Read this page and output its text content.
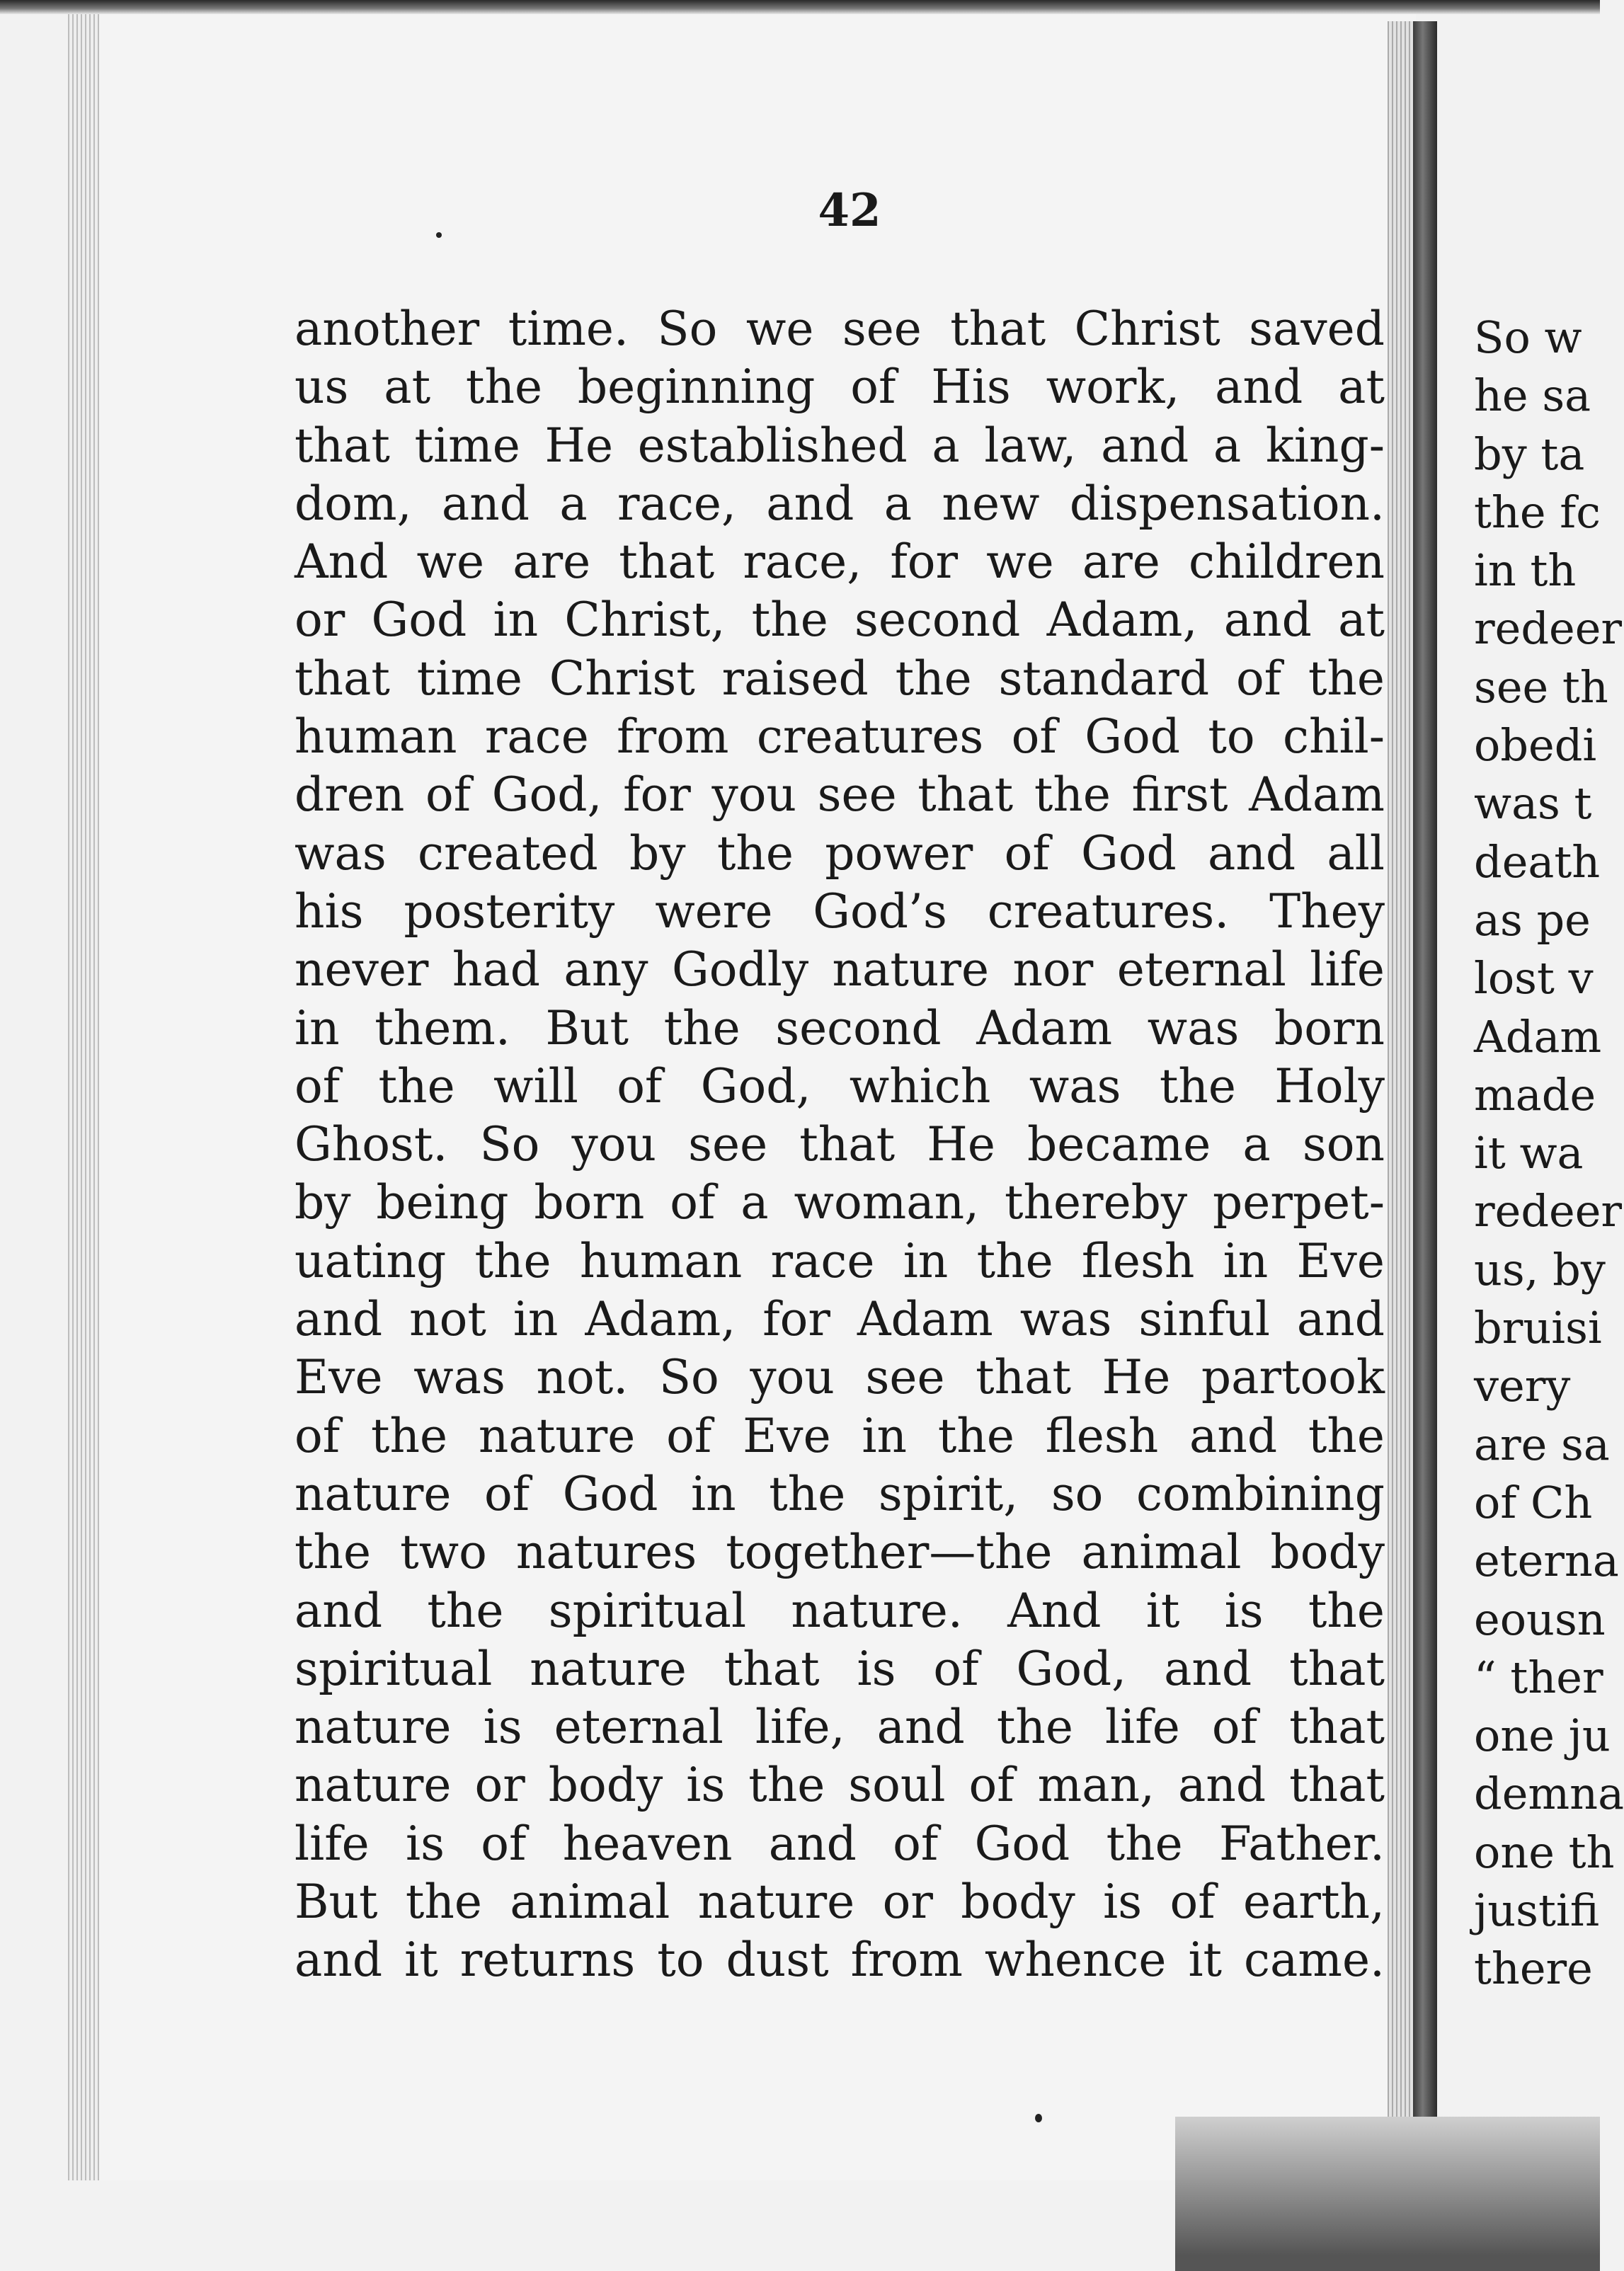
42
another time. So we see that Christ saved
us at the beginning of His work, and at
that time He established a law, and a king-
dom, and a race, and a new dispensation.
And we are that race, for we are children
or God in Christ, the second Adam, and at
that time Christ raised the standard of the
human race from creatures of God to chil-
dren of God, for you see that the first Adam
was created by the power of God and all
his posterity were God’s creatures. They
never had any Godly nature nor eternal life
in them. But the second Adam was born
of the will of God, which was the Holy
Ghost. So you see that He became a son
by being born of a woman, thereby perpet-
uating the human race in the flesh in Eve
and not in Adam, for Adam was sinful and
Eve was not. So you see that He partook
of the nature of Eve in the flesh and the
nature of God in the spirit, so combining
the two natures together—the animal body
and the spiritual nature. And it is the
spiritual nature that is of God, and that
nature is eternal life, and the life of that
nature or body is the soul of man, and that
life is of heaven and of God the Father.
But the animal nature or body is of earth,
and it returns to dust from whence it came.
So w
he sa
by ta
the fc
in th
redeer
see th
obedi
was t
death
as pe
lost v
Adam
made
it wa
redeer
us, by
bruisi
very
are sa
of Ch
eterna
eousn
“ ther
one ju
demna
one th
justifi
there
